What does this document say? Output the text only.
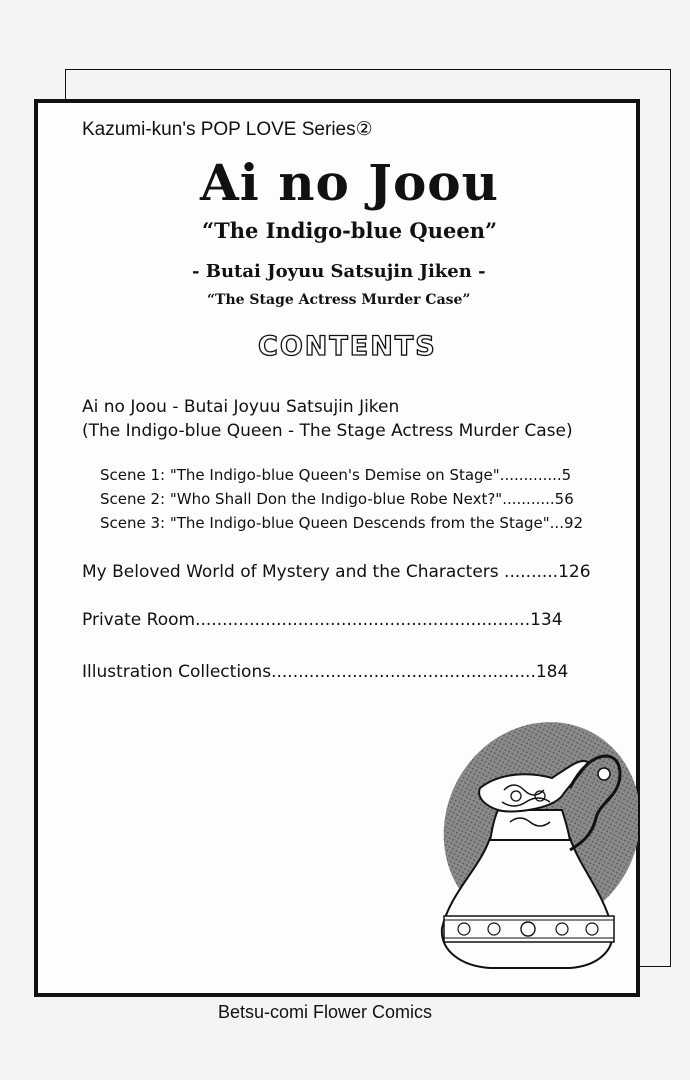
Kazumi-kun's POP LOVE Series②
Ai no Joou
“The Indigo-blue Queen”
- Butai Joyuu Satsujin Jiken -
“The Stage Actress Murder Case”
CONTENTS
Ai no Joou - Butai Joyuu Satsujin Jiken
(The Indigo-blue Queen - The Stage Actress Murder Case)
Scene 1: "The Indigo-blue Queen's Demise on Stage".............5
Scene 2: "Who Shall Don the Indigo-blue Robe Next?"...........56
Scene 3: "The Indigo-blue Queen Descends from the Stage"...92
My Beloved World of Mystery and the Characters ..........126
Private Room..............................................................134
Illustration Collections.................................................184
Betsu-comi Flower Comics
